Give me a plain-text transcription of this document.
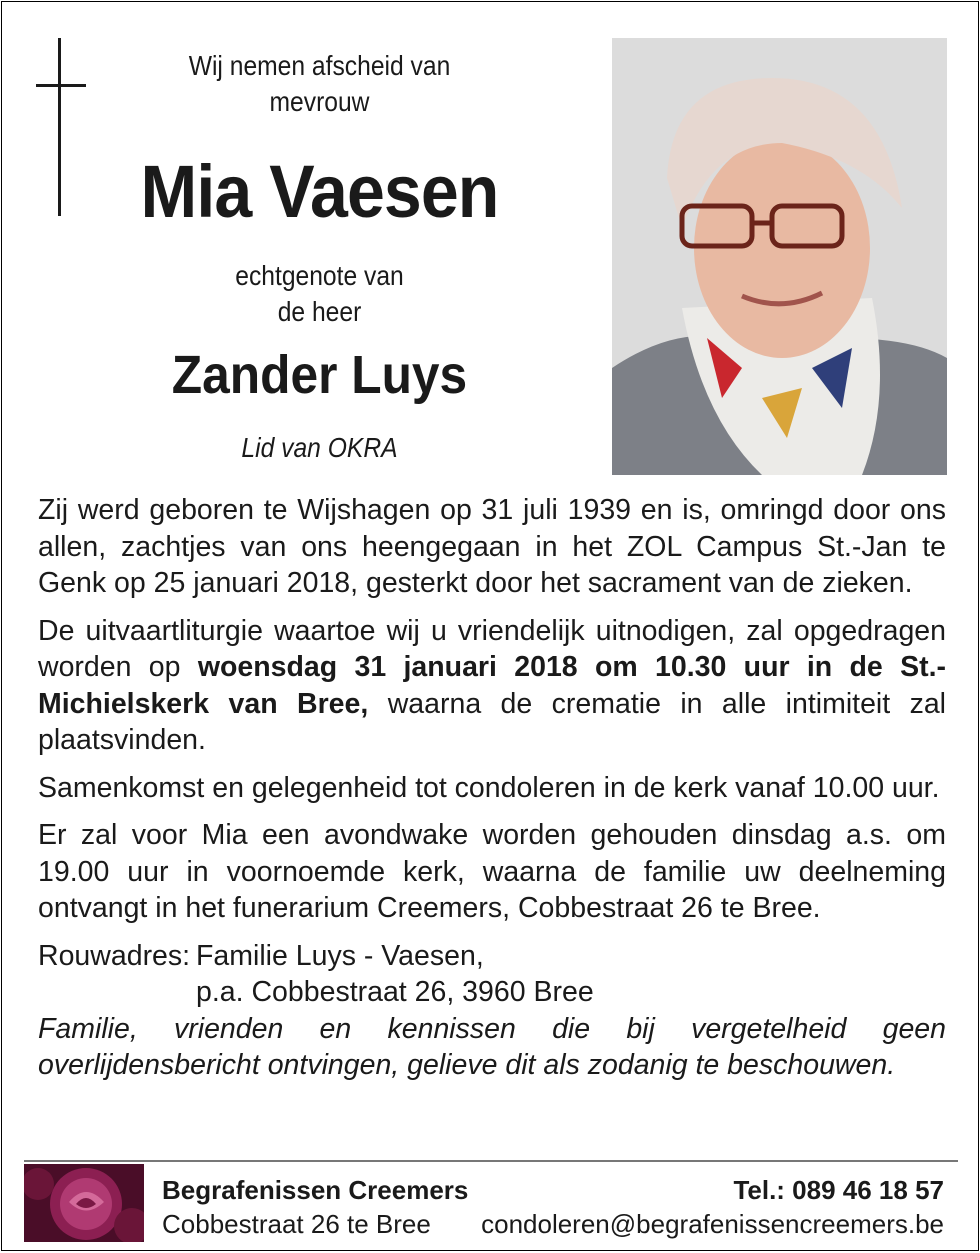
Wij nemen afscheid van
mevrouw
Mia Vaesen
echtgenote van
de heer
Zander Luys
Lid van OKRA

Zij werd geboren te Wijshagen op 31 juli 1939 en is, omringd door ons allen, zachtjes van ons heengegaan in het ZOL Campus St.-Jan te Genk op 25 januari 2018, gesterkt door het sacrament van de zieken.

De uitvaartliturgie waartoe wij u vriendelijk uitnodigen, zal opgedragen worden op woensdag 31 januari 2018 om 10.30 uur in de St.-Michielskerk van Bree, waarna de crematie in alle intimiteit zal plaatsvinden.

Samenkomst en gelegenheid tot condoleren in de kerk vanaf 10.00 uur.

Er zal voor Mia een avondwake worden gehouden dinsdag a.s. om 19.00 uur in voornoemde kerk, waarna de familie uw deelneming ontvangt in het funerarium Creemers, Cobbestraat 26 te Bree.

Rouwadres: Familie Luys - Vaesen,
p.a. Cobbestraat 26, 3960 Bree

Familie, vrienden en kennissen die bij vergetelheid geen overlijdensbericht ontvingen, gelieve dit als zodanig te beschouwen.

Begrafenissen Creemers
Cobbestraat 26 te Bree
Tel.: 089 46 18 57
condoleren@begrafenissencreemers.be
